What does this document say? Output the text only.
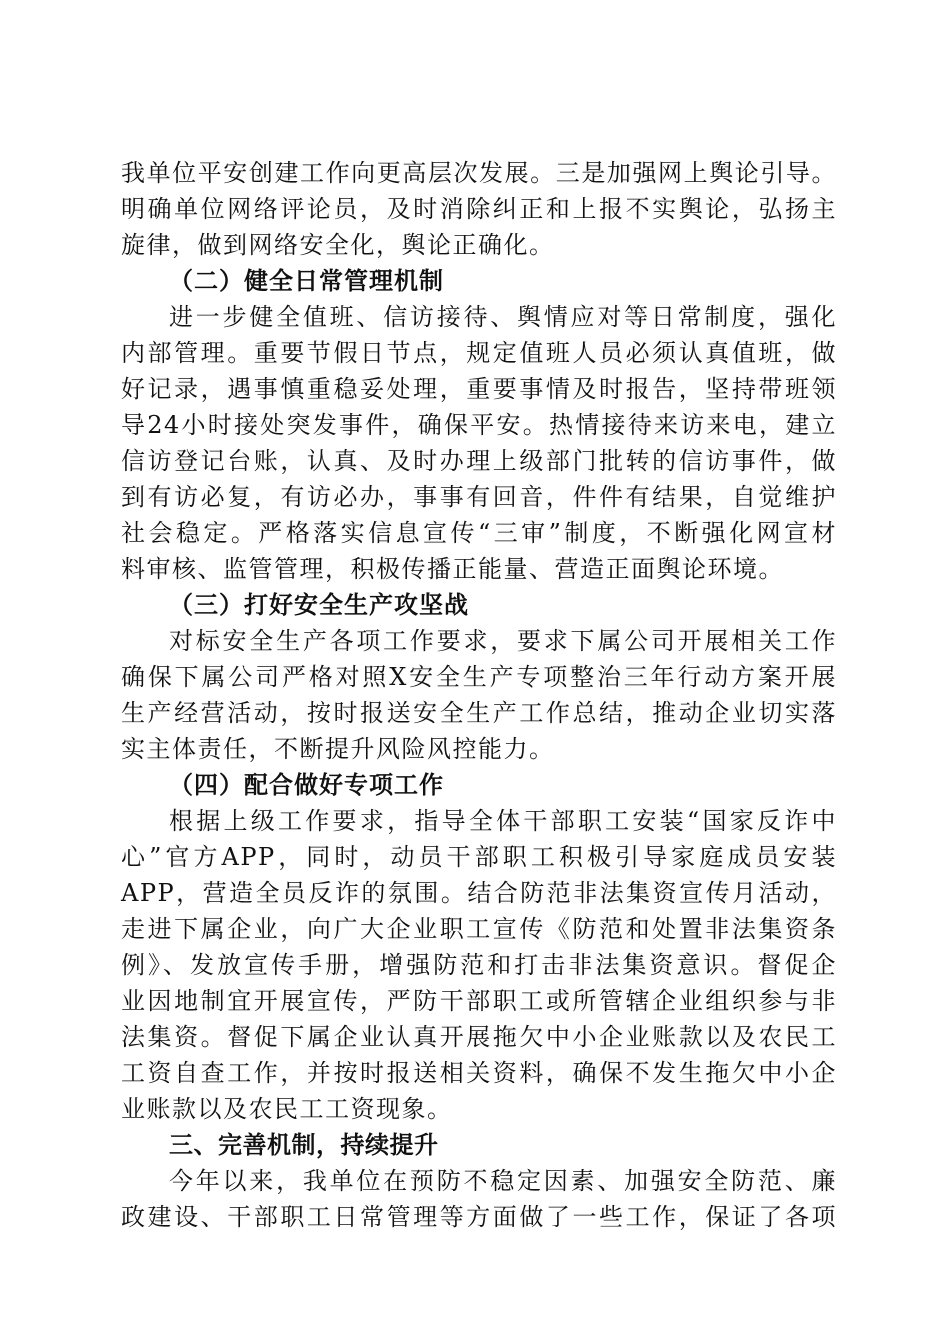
我单位平安创建工作向更高层次发展。三是加强网上舆论引导。
明确单位网络评论员，及时消除纠正和上报不实舆论，弘扬主
旋律，做到网络安全化，舆论正确化。
（二）健全日常管理机制
进一步健全值班、信访接待、舆情应对等日常制度，强化
内部管理。重要节假日节点，规定值班人员必须认真值班，做
好记录，遇事慎重稳妥处理，重要事情及时报告，坚持带班领
导24小时接处突发事件，确保平安。热情接待来访来电，建立
信访登记台账，认真、及时办理上级部门批转的信访事件，做
到有访必复，有访必办，事事有回音，件件有结果，自觉维护
社会稳定。严格落实信息宣传“三审”制度，不断强化网宣材
料审核、监管管理，积极传播正能量、营造正面舆论环境。
（三）打好安全生产攻坚战
对标安全生产各项工作要求，要求下属公司开展相关工作
确保下属公司严格对照X安全生产专项整治三年行动方案开展
生产经营活动，按时报送安全生产工作总结，推动企业切实落
实主体责任，不断提升风险风控能力。
（四）配合做好专项工作
根据上级工作要求，指导全体干部职工安装“国家反诈中
心”官方APP，同时，动员干部职工积极引导家庭成员安装
APP，营造全员反诈的氛围。结合防范非法集资宣传月活动，
走进下属企业，向广大企业职工宣传《防范和处置非法集资条
例》、发放宣传手册，增强防范和打击非法集资意识。督促企
业因地制宜开展宣传，严防干部职工或所管辖企业组织参与非
法集资。督促下属企业认真开展拖欠中小企业账款以及农民工
工资自查工作，并按时报送相关资料，确保不发生拖欠中小企
业账款以及农民工工资现象。
三、完善机制，持续提升
今年以来，我单位在预防不稳定因素、加强安全防范、廉
政建设、干部职工日常管理等方面做了一些工作，保证了各项
